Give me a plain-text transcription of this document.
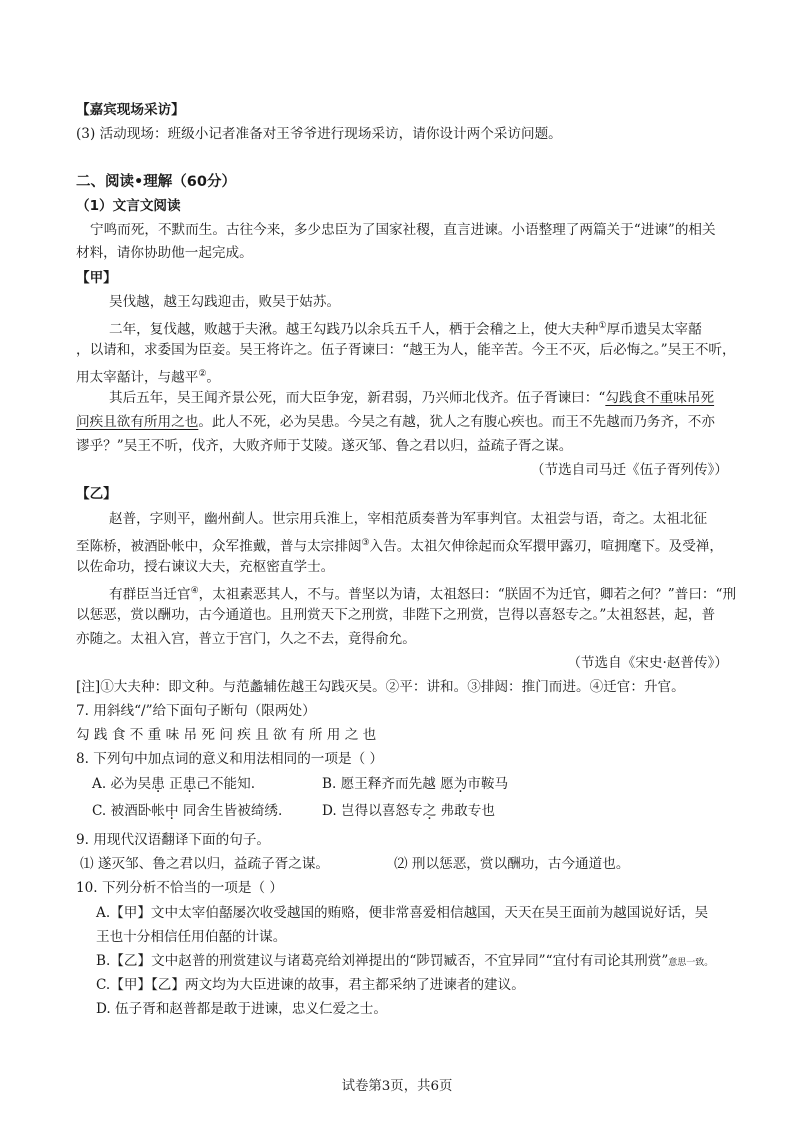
【嘉宾现场采访】
(3) 活动现场：班级小记者准备对王爷爷进行现场采访，请你设计两个采访问题。
二、阅读•理解（60分）
（1）文言文阅读
宁鸣而死，不默而生。古往今来，多少忠臣为了国家社稷，直言进谏。小语整理了两篇关于“进谏”的相关
材料，请你协助他一起完成。
【甲】
吴伐越，越王勾践迎击，败吴于姑苏。
二年，复伐越，败越于夫湫。越王勾践乃以余兵五千人，栖于会稽之上，使大夫种①厚币遗吴太宰嚭
，以请和，求委国为臣妾。吴王将许之。伍子胥谏曰：“越王为人，能辛苦。今王不灭，后必悔之。”吴王不听，
用太宰嚭计，与越平②。
其后五年，吴王闻齐景公死，而大臣争宠，新君弱，乃兴师北伐齐。伍子胥谏曰：“勾践食不重味吊死
问疾且欲有所用之也。此人不死，必为吴患。今吴之有越，犹人之有腹心疾也。而王不先越而乃务齐，不亦
谬乎？”吴王不听，伐齐，大败齐师于艾陵。遂灭邹、鲁之君以归，益疏子胥之谋。
（节选自司马迁《伍子胥列传》）
【乙】
赵普，字则平，幽州蓟人。世宗用兵淮上，宰相范质奏普为军事判官。太祖尝与语，奇之。太祖北征
至陈桥，被酒卧帐中，众军推戴，普与太宗排闼③入告。太祖欠伸徐起而众军擐甲露刃，喧拥麾下。及受禅，
以佐命功，授右谏议大夫，充枢密直学士。
有群臣当迁官④，太祖素恶其人，不与。普坚以为请，太祖怒曰：“朕固不为迁官，卿若之何？”普曰：“刑
以惩恶，赏以酬功，古今通道也。且刑赏天下之刑赏，非陛下之刑赏，岂得以喜怒专之。”太祖怒甚，起，普
亦随之。太祖入宫，普立于宫门，久之不去，竟得俞允。
（节选自《宋史·赵普传》）
[注]①大夫种：即文种。与范蠡辅佐越王勾践灭吴。②平：讲和。③排闼：推门而进。④迁官：升官。
7. 用斜线“/”给下面句子断句（限两处）
勾 践 食 不 重 味 吊 死 问 疾 且 欲 有 所 用 之 也
8. 下列句中加点词的意义和用法相同的一项是（ ）
A. 必为吴患 正患己不能知.	B. 愿王释齐而先越 愿为市鞍马
C. 被酒卧帐中 同舍生皆被绮绣.	D. 岂得以喜怒专之 弗敢专也
9. 用现代汉语翻译下面的句子。
⑴ 遂灭邹、鲁之君以归，益疏子胥之谋。	⑵ 刑以惩恶，赏以酬功，古今通道也。
10. 下列分析不恰当的一项是（ ）
A.【甲】文中太宰伯嚭屡次收受越国的贿赂，便非常喜爱相信越国，天天在吴王面前为越国说好话，吴
王也十分相信任用伯嚭的计谋。
B.【乙】文中赵普的刑赏建议与诸葛亮给刘禅提出的“陟罚臧否，不宜异同”“宜付有司论其刑赏”意思一致。
C.【甲】【乙】两文均为大臣进谏的故事，君主都采纳了进谏者的建议。
D. 伍子胥和赵普都是敢于进谏，忠义仁爱之士。
试卷第3页，共6页
